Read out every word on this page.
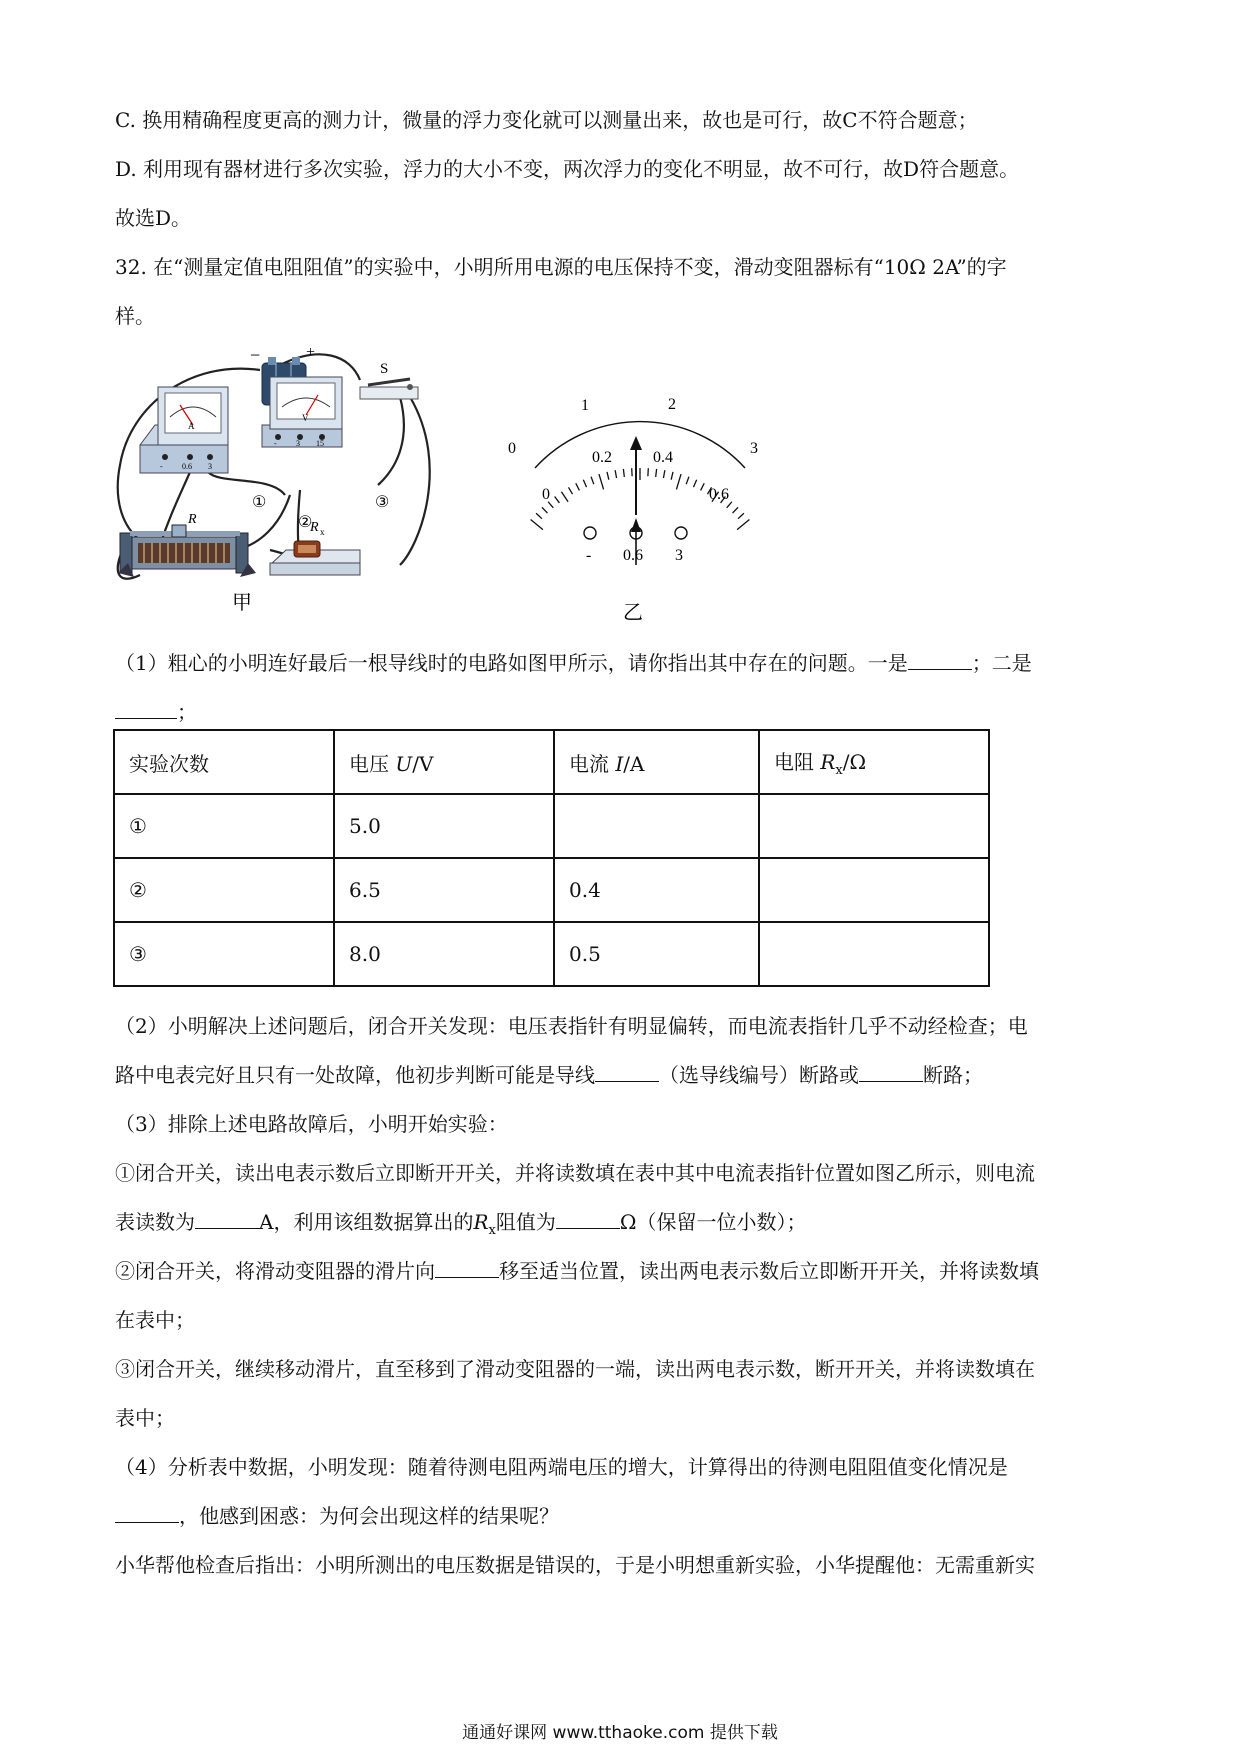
C. 换用精确程度更高的测力计，微量的浮力变化就可以测量出来，故也是可行，故C不符合题意；
D. 利用现有器材进行多次实验，浮力的大小不变，两次浮力的变化不明显，故不可行，故D符合题意。
故选D。
32. 在“测量定值电阻阻值”的实验中，小明所用电源的电压保持不变，滑动变阻器标有“10Ω 2A”的字
样。
−	+
S
A
- 0.6 3
V
- 3 15
①
②
③
R
R x
甲
0
1	2
3
0
0.2	0.4
0.6
- 0.6 3
乙
（1）粗心的小明连好最后一根导线时的电路如图甲所示，请你指出其中存在的问题。一是	；二是
；
实验次数	电压 U/V	电流 I/A	电阻 $R_x/\Omega$
①	5.0		
②	6.5	0.4	
③	8.0	0.5	
（2）小明解决上述问题后，闭合开关发现：电压表指针有明显偏转，而电流表指针几乎不动经检查；电
路中电表完好且只有一处故障，他初步判断可能是导线	（选导线编号）断路或	断路；
（3）排除上述电路故障后，小明开始实验：
①闭合开关，读出电表示数后立即断开开关，并将读数填在表中其中电流表指针位置如图乙所示，则电流
表读数为	A，利用该组数据算出的$R_x$阻值为	Ω（保留一位小数）；
②闭合开关，将滑动变阻器的滑片向	移至适当位置，读出两电表示数后立即断开开关，并将读数填
在表中；
③闭合开关，继续移动滑片，直至移到了滑动变阻器的一端，读出两电表示数，断开开关，并将读数填在
表中；
（4）分析表中数据，小明发现：随着待测电阻两端电压的增大，计算得出的待测电阻阻值变化情况是
，他感到困惑：为何会出现这样的结果呢？
小华帮他检查后指出：小明所测出的电压数据是错误的，于是小明想重新实验，小华提醒他：无需重新实
通通好课网 www.tthaoke.com 提供下载
